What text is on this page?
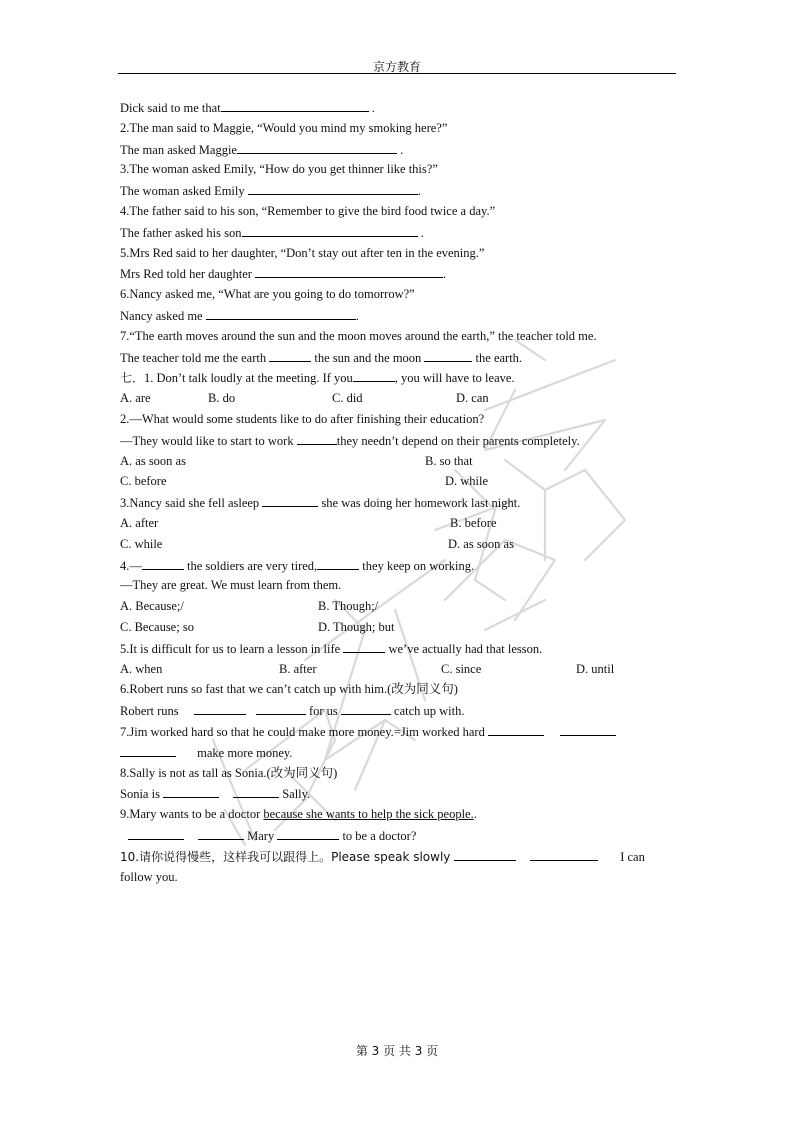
京方教育
Dick said to me that	.
2.The man said to Maggie, “Would you mind my smoking here?”
The man asked Maggie	.
3.The woman asked Emily, “How do you get thinner like this?”
The woman asked Emily	.
4.The father said to his son, “Remember to give the bird food twice a day.”
The father asked his son	.
5.Mrs Red said to her daughter, “Don’t stay out after ten in the evening.”
Mrs Red told her daughter	.
6.Nancy asked me, “What are you going to do tomorrow?”
Nancy asked me	.
7.“The earth moves around the sun and the moon moves around the earth,” the teacher told me.
The teacher told me the earth	the sun and the moon	the earth.
七．1. Don’t talk loudly at the meeting. If you	, you will have to leave.
A. are	B. do	C. did	D. can
2.—What would some students like to do after finishing their education?
—They would like to start to work	they needn’t depend on their parents completely.
A. as soon as	B. so that
C. before	D. while
3.Nancy said she fell asleep	she was doing her homework last night.
A. after	B. before
C. while	D. as soon as
4.—	the soldiers are very tired,	they keep on working.
—They are great. We must learn from them.
A. Because;/	B. Though;/
C. Because; so	D. Though; but
5.It is difficult for us to learn a lesson in life	we’ve actually had that lesson.
A. when	B. after	C. since	D. until
6.Robert runs so fast that we can’t catch up with him.(改为同义句)
Robert runs	for us	catch up with.
7.Jim worked hard so that he could make more money.=Jim worked hard
make more money.
8.Sally is not as tall as Sonia.(改为同义句)
Sonia is	Sally.
9.Mary wants to be a doctor because she wants to help the sick people..
Mary	to be a doctor?
10.请你说得慢些，这样我可以跟得上。Please speak slowly	I can
follow you.
第 3 页 共 3 页
